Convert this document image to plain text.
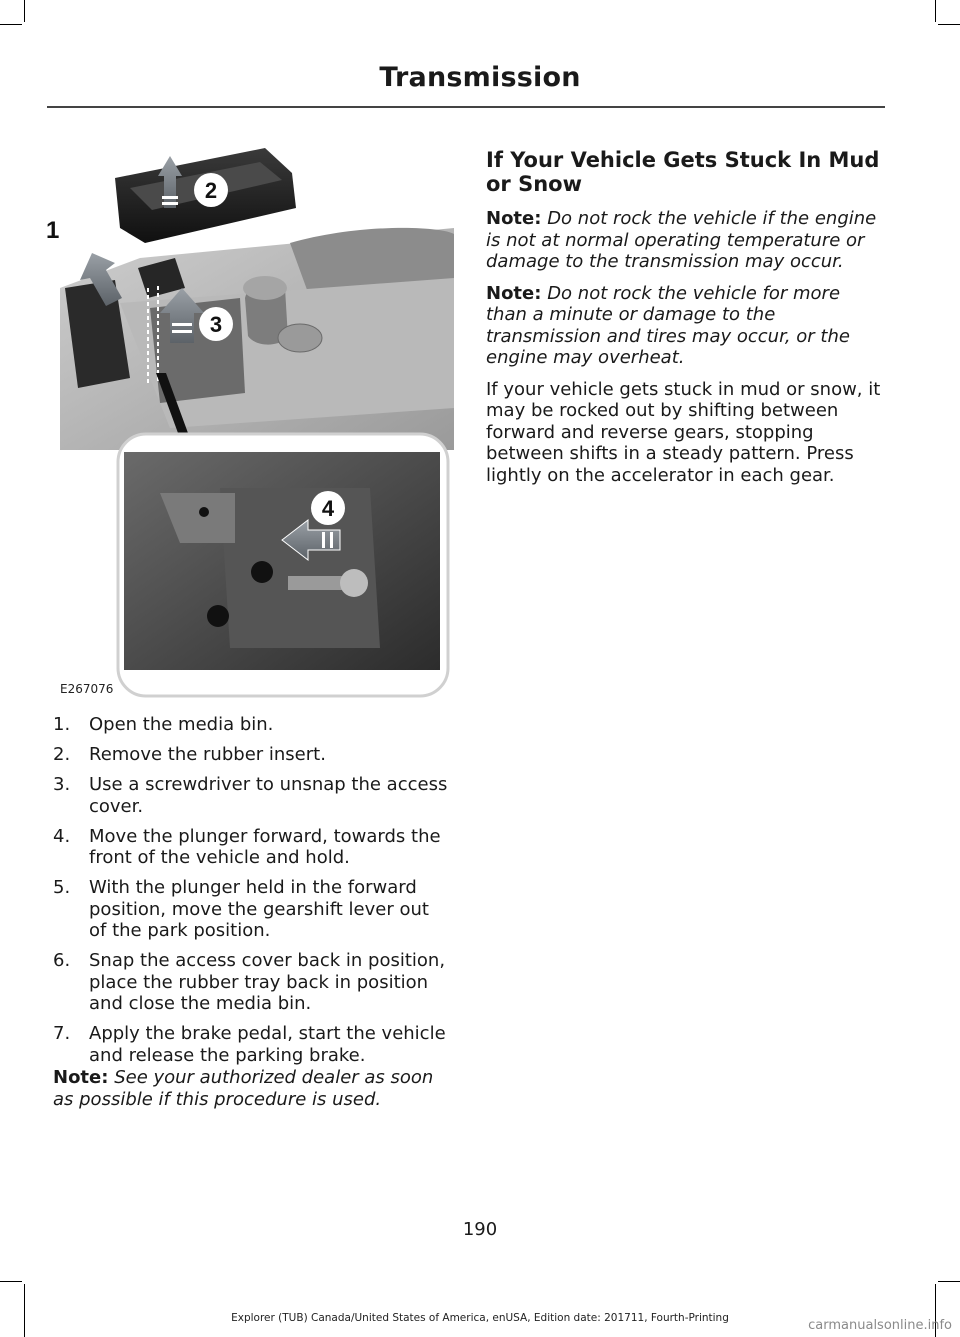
Transmission
1
2
3
4
E267076
1. Open the media bin.
2. Remove the rubber insert.
3. Use a screwdriver to unsnap the access cover.
4. Move the plunger forward, towards the front of the vehicle and hold.
5. With the plunger held in the forward position, move the gearshift lever out of the park position.
6. Snap the access cover back in position, place the rubber tray back in position and close the media bin.
7. Apply the brake pedal, start the vehicle and release the parking brake.
Note: See your authorized dealer as soon as possible if this procedure is used.
If Your Vehicle Gets Stuck In Mud or Snow

Note: Do not rock the vehicle if the engine is not at normal operating temperature or damage to the transmission may occur.

Note: Do not rock the vehicle for more than a minute or damage to the transmission and tires may occur, or the engine may overheat.

If your vehicle gets stuck in mud or snow, it may be rocked out by shifting between forward and reverse gears, stopping between shifts in a steady pattern. Press lightly on the accelerator in each gear.

190
Explorer (TUB) Canada/United States of America, enUSA, Edition date: 201711, Fourth-Printing	carmanualsonline.info
